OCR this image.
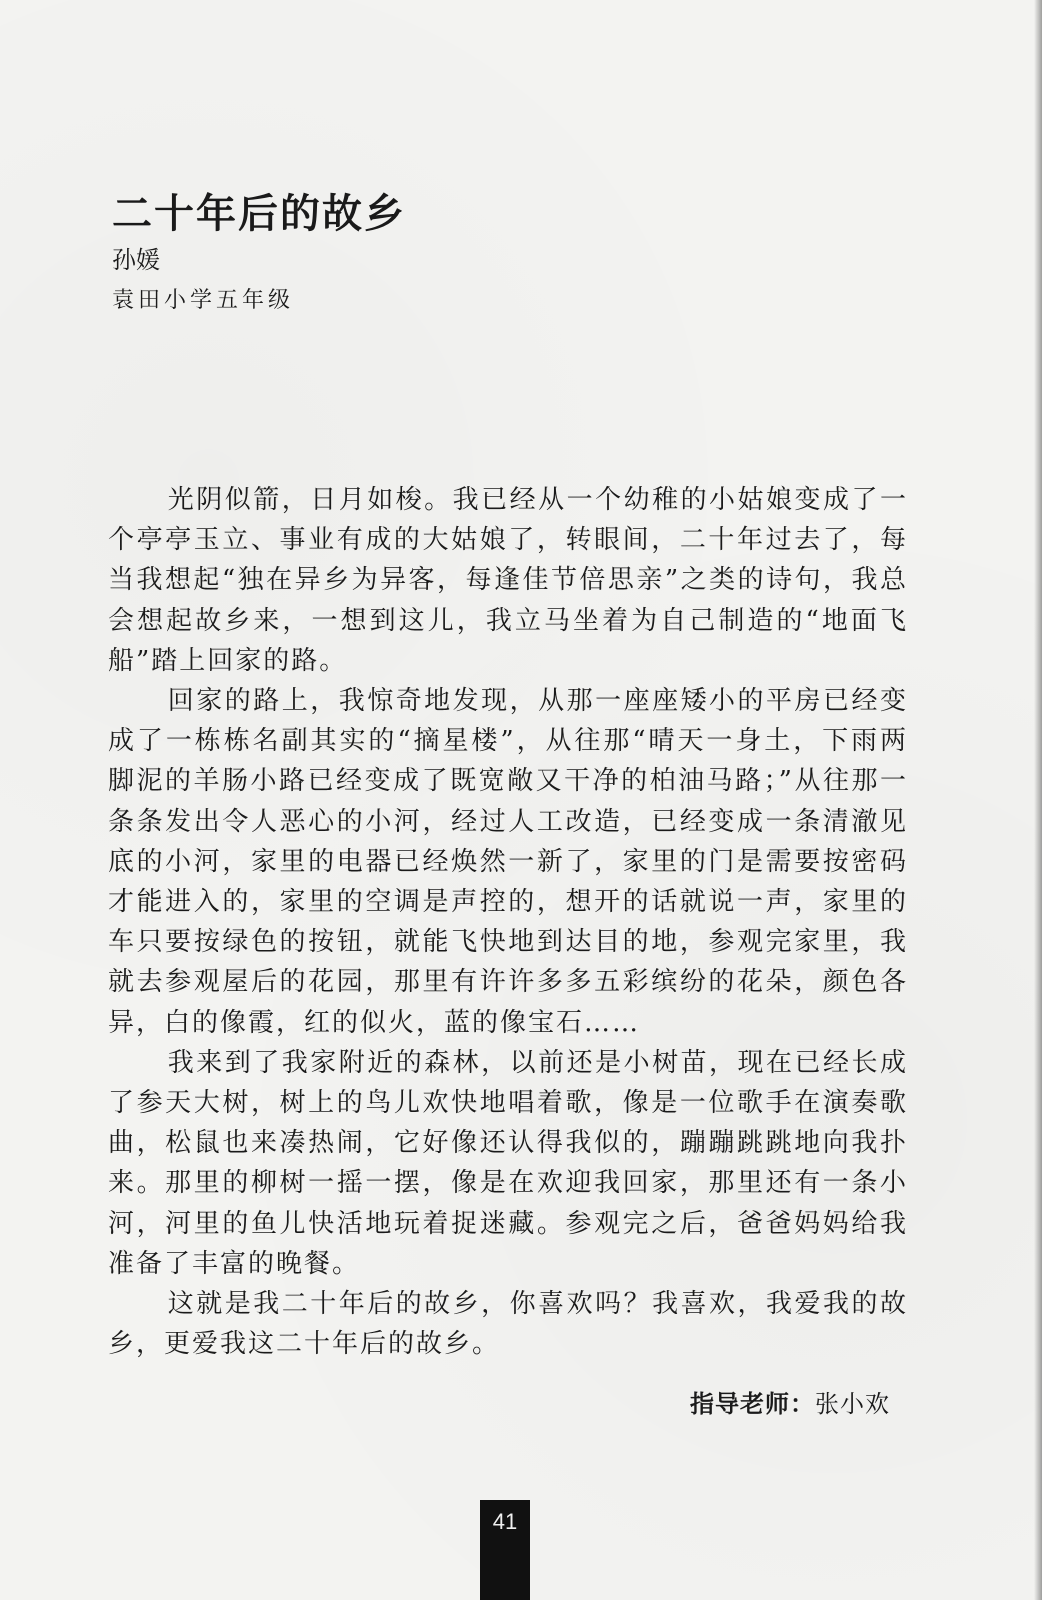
二十年后的故乡
孙媛
袁田小学五年级

光阴似箭，日月如梭。我已经从一个幼稚的小姑娘变成了一个亭亭玉立、事业有成的大姑娘了，转眼间，二十年过去了，每当我想起“独在异乡为异客，每逢佳节倍思亲”之类的诗句，我总会想起故乡来，一想到这儿，我立马坐着为自己制造的“地面飞船”踏上回家的路。

回家的路上，我惊奇地发现，从那一座座矮小的平房已经变成了一栋栋名副其实的“摘星楼”，从往那“晴天一身土，下雨两脚泥的羊肠小路已经变成了既宽敞又干净的柏油马路；”从往那一条条发出令人恶心的小河，经过人工改造，已经变成一条清澈见底的小河，家里的电器已经焕然一新了，家里的门是需要按密码才能进入的，家里的空调是声控的，想开的话就说一声，家里的车只要按绿色的按钮，就能飞快地到达目的地，参观完家里，我就去参观屋后的花园，那里有许许多多五彩缤纷的花朵，颜色各异，白的像霞，红的似火，蓝的像宝石……

我来到了我家附近的森林，以前还是小树苗，现在已经长成了参天大树，树上的鸟儿欢快地唱着歌，像是一位歌手在演奏歌曲，松鼠也来凑热闹，它好像还认得我似的，蹦蹦跳跳地向我扑来。那里的柳树一摇一摆，像是在欢迎我回家，那里还有一条小河，河里的鱼儿快活地玩着捉迷藏。参观完之后，爸爸妈妈给我准备了丰富的晚餐。

这就是我二十年后的故乡，你喜欢吗？我喜欢，我爱我的故乡，更爱我这二十年后的故乡。

指导老师：张小欢
41
